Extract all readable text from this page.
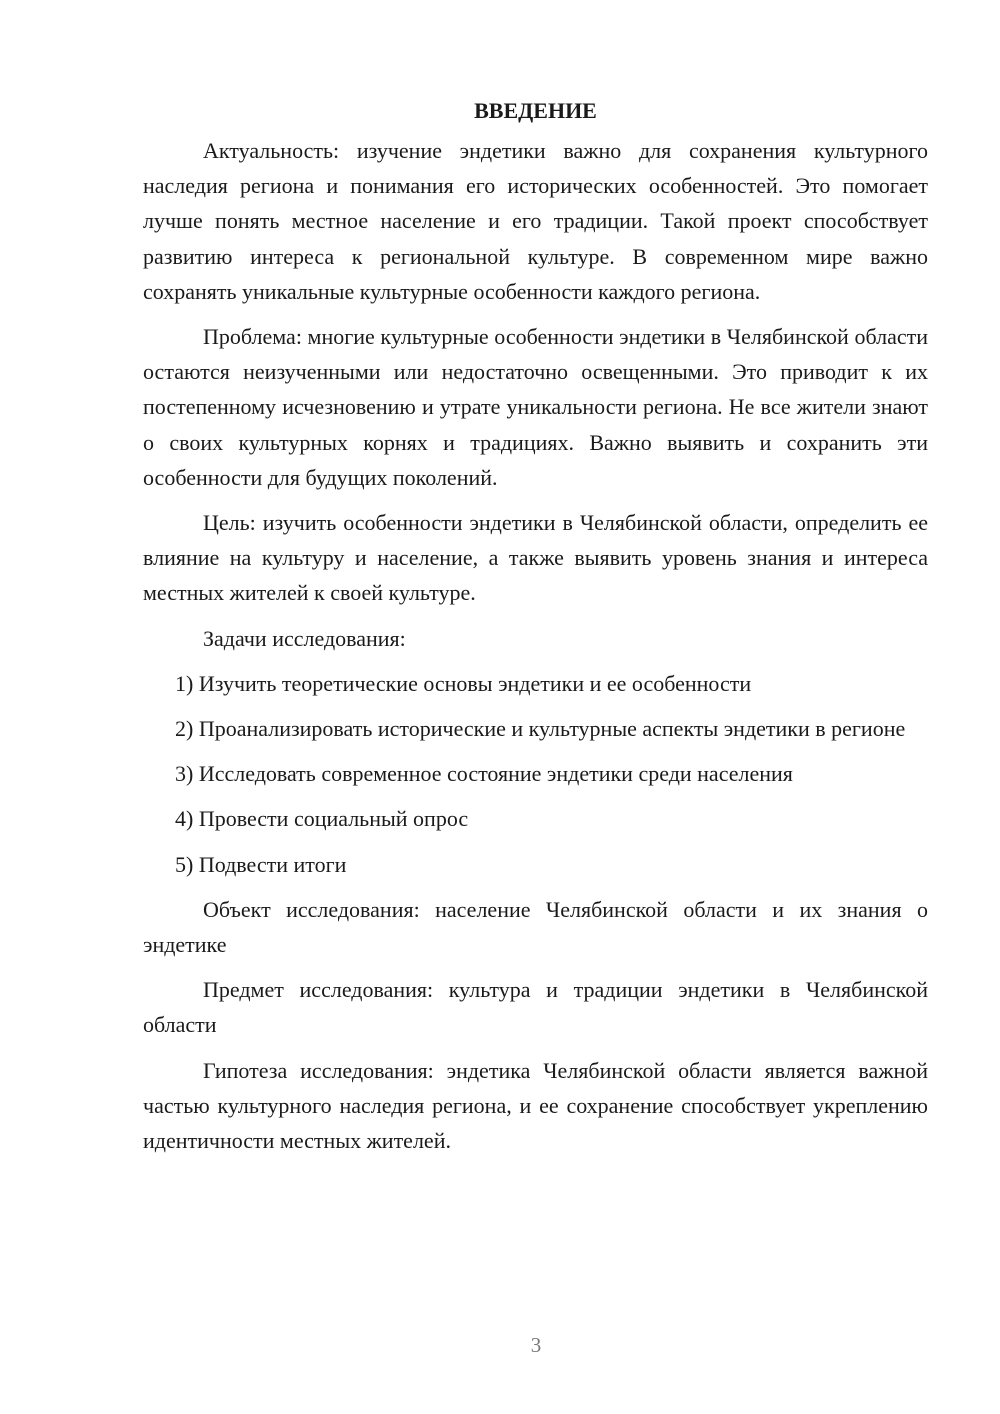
ВВЕДЕНИЕ

Актуальность: изучение эндетики важно для сохранения культурного наследия региона и понимания его исторических особенностей. Это помогает лучше понять местное население и его традиции. Такой проект способствует развитию интереса к региональной культуре. В современном мире важно сохранять уникальные культурные особенности каждого региона.

Проблема: многие культурные особенности эндетики в Челябинской области остаются неизученными или недостаточно освещенными. Это приводит к их постепенному исчезновению и утрате уникальности региона. Не все жители знают о своих культурных корнях и традициях. Важно выявить и сохранить эти особенности для будущих поколений.

Цель: изучить особенности эндетики в Челябинской области, определить ее влияние на культуру и население, а также выявить уровень знания и интереса местных жителей к своей культуре.

Задачи исследования:

1) Изучить теоретические основы эндетики и ее особенности

2) Проанализировать исторические и культурные аспекты эндетики в регионе

3) Исследовать современное состояние эндетики среди населения

4) Провести социальный опрос

5) Подвести итоги

Объект исследования: население Челябинской области и их знания о эндетике

Предмет исследования: культура и традиции эндетики в Челябинской области

Гипотеза исследования: эндетика Челябинской области является важной частью культурного наследия региона, и ее сохранение способствует укреплению идентичности местных жителей.

3
